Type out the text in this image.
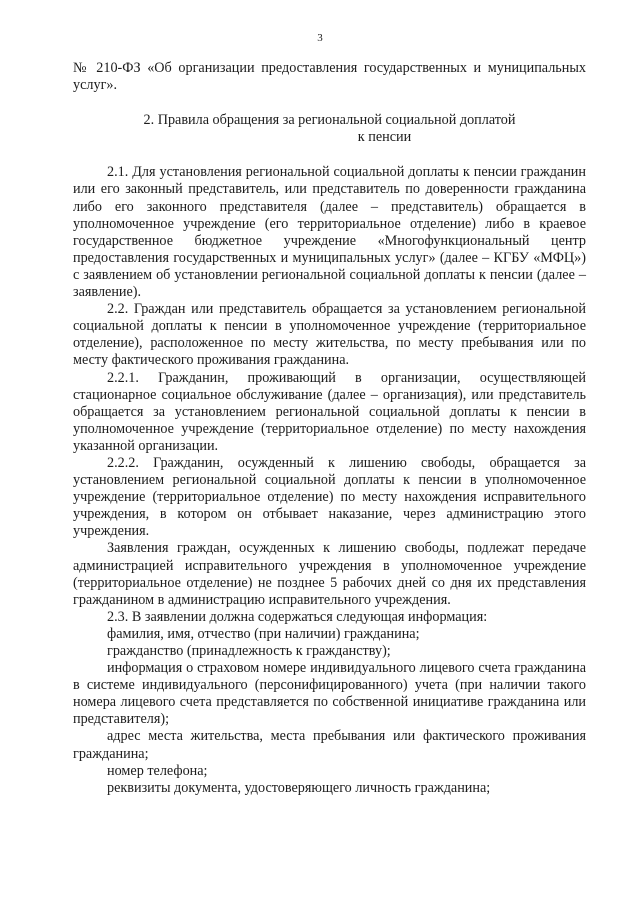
3

№ 210-ФЗ «Об организации предоставления государственных и муниципальных услуг».

2. Правила обращения за региональной социальной доплатой
к пенсии

2.1. Для установления региональной социальной доплаты к пенсии гражданин или его законный представитель, или представитель по доверенности гражданина либо его законного представителя (далее – представитель) обращается в уполномоченное учреждение (его территориальное отделение) либо в краевое государственное бюджетное учреждение «Многофункциональный центр предоставления государственных и муниципальных услуг» (далее – КГБУ «МФЦ») с заявлением об установлении региональной социальной доплаты к пенсии (далее – заявление).

2.2. Граждан или представитель обращается за установлением региональной социальной доплаты к пенсии в уполномоченное учреждение (территориальное отделение), расположенное по месту жительства, по месту пребывания или по месту фактического проживания гражданина.

2.2.1. Гражданин, проживающий в организации, осуществляющей стационарное социальное обслуживание (далее – организация), или представитель обращается за установлением региональной социальной доплаты к пенсии в уполномоченное учреждение (территориальное отделение) по месту нахождения указанной организации.

2.2.2. Гражданин, осужденный к лишению свободы, обращается за установлением региональной социальной доплаты к пенсии в уполномоченное учреждение (территориальное отделение) по месту нахождения исправительного учреждения, в котором он отбывает наказание, через администрацию этого учреждения.

Заявления граждан, осужденных к лишению свободы, подлежат передаче администрацией исправительного учреждения в уполномоченное учреждение (территориальное отделение) не позднее 5 рабочих дней со дня их представления гражданином в администрацию исправительного учреждения.

2.3. В заявлении должна содержаться следующая информация:

фамилия, имя, отчество (при наличии) гражданина;

гражданство (принадлежность к гражданству);

информация о страховом номере индивидуального лицевого счета гражданина в системе индивидуального (персонифицированного) учета (при наличии такого номера лицевого счета представляется по собственной инициативе гражданина или представителя);

адрес места жительства, места пребывания или фактического проживания гражданина;

номер телефона;

реквизиты документа, удостоверяющего личность гражданина;
